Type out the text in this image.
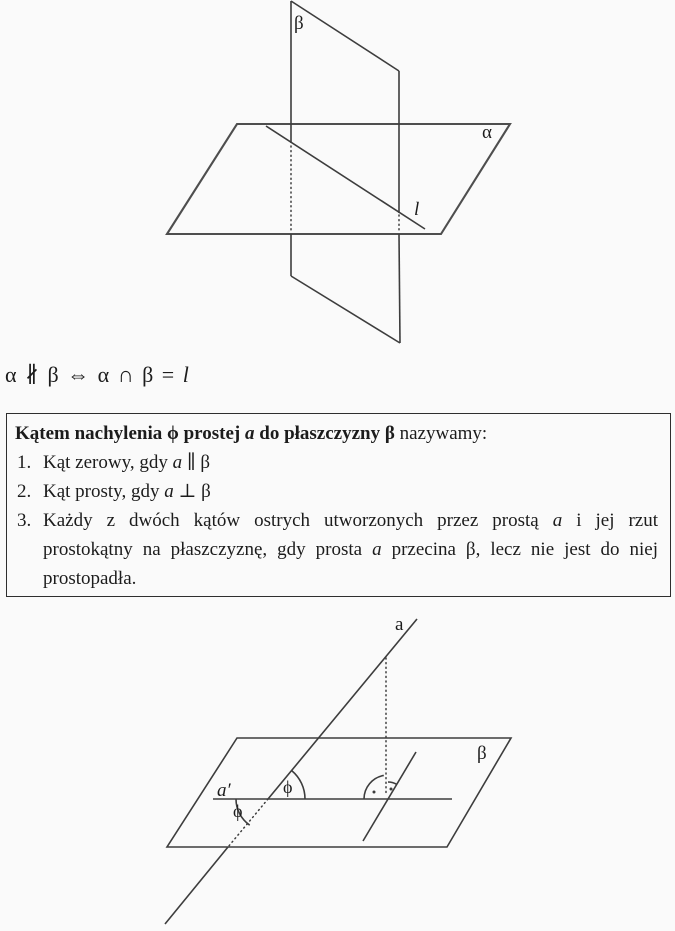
β
α
l
α ∦ β ⇔ α ∩ β = l
Kątem nachylenia ϕ prostej a do płaszczyzny β nazywamy:
1. Kąt zerowy, gdy a ∥ β
2. Kąt prosty, gdy a ⊥ β
3. Każdy z dwóch kątów ostrych utworzonych przez prostą a i jej rzut
prostokątny na płaszczyznę, gdy prosta a przecina β, lecz nie jest do niej
prostopadła.
a
β
a′	ϕ
ϕ
